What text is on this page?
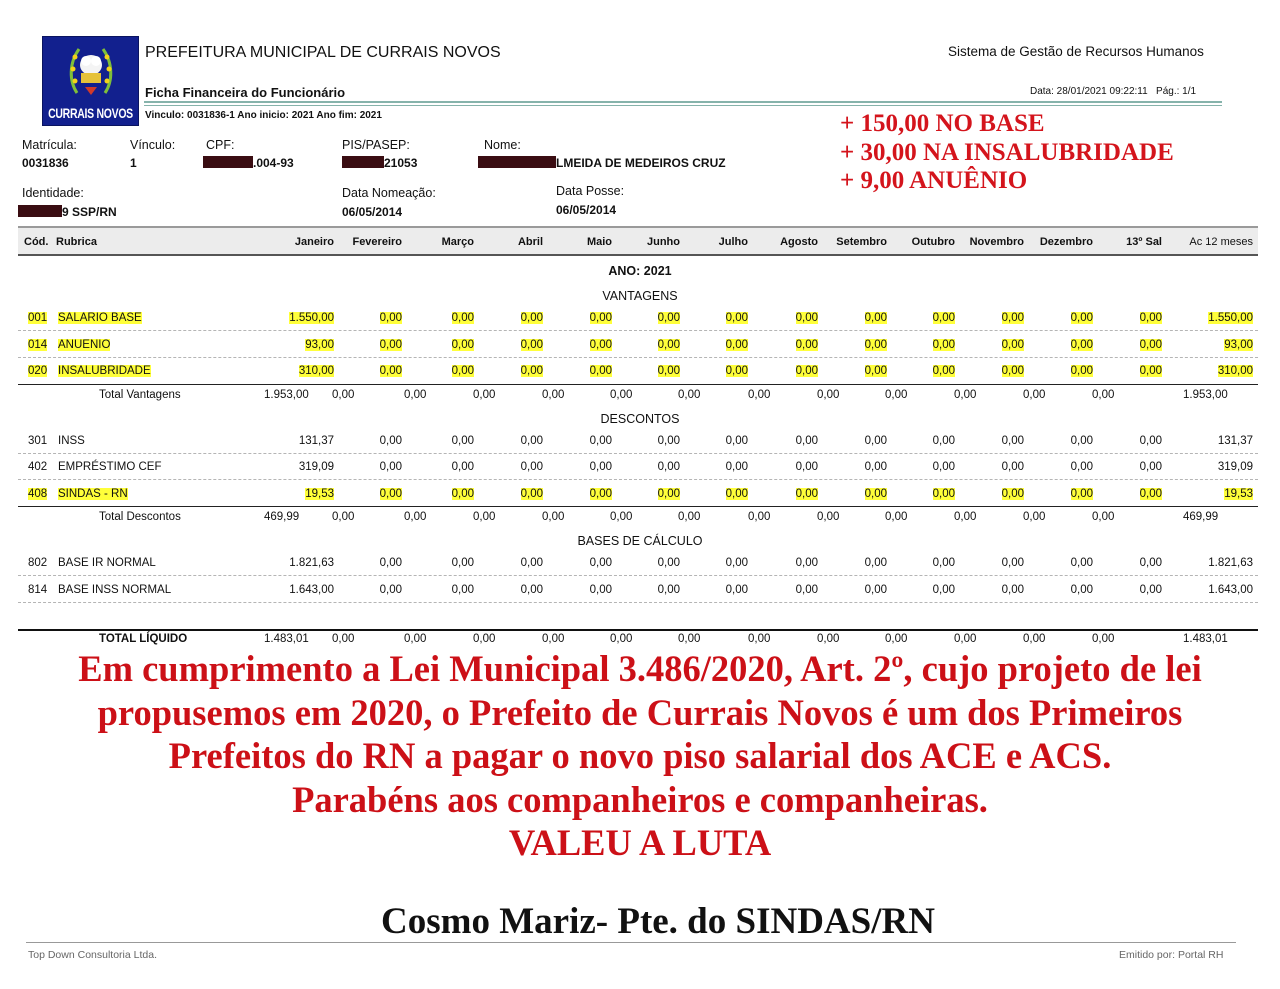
CURRAIS NOVOS
PREFEITURA MUNICIPAL DE CURRAIS NOVOS	Sistema de Gestão de Recursos Humanos
Ficha Financeira do Funcionário	Data: 28/01/2021 09:22:11 Pág.: 1/1
Vinculo: 0031836-1 Ano inicio: 2021 Ano fim: 2021	+ 150,00 NO BASE
+ 30,00 NA INSALUBRIDADE
+ 9,00 ANUÊNIO
Matrícula:
0031836
Vínculo:
1
CPF:
.004-93
PIS/PASEP:
21053
Nome:
LMEIDA DE MEDEIROS CRUZ
Identidade:
9 SSP/RN
Data Nomeação:
06/05/2014
Data Posse:
06/05/2014
Cód. Rubrica	Janeiro	Fevereiro	Março	Abril	Maio	Junho	Julho	Agosto	Setembro	Outubro	Novembro	Dezembro	13º Sal	Ac 12 meses
ANO: 2021
VANTAGENS
001 SALARIO BASE	1.550,00	0,00	0,00	0,00	0,00	0,00	0,00	0,00	0,00	0,00	0,00	0,00	0,00	1.550,00
014 ANUENIO	93,00	0,00	0,00	0,00	0,00	0,00	0,00	0,00	0,00	0,00	0,00	0,00	0,00	93,00
020 INSALUBRIDADE	310,00	0,00	0,00	0,00	0,00	0,00	0,00	0,00	0,00	0,00	0,00	0,00	0,00	310,00
Total Vantagens	1.953,00 0,00	0,00	0,00	0,00	0,00	0,00	0,00	0,00	0,00	0,00	0,00	0,00	1.953,00
DESCONTOS
301 INSS	131,37	0,00	0,00	0,00	0,00	0,00	0,00	0,00	0,00	0,00	0,00	0,00	0,00	131,37
402 EMPRÉSTIMO CEF	319,09	0,00	0,00	0,00	0,00	0,00	0,00	0,00	0,00	0,00	0,00	0,00	0,00	319,09
408 SINDAS - RN	19,53	0,00	0,00	0,00	0,00	0,00	0,00	0,00	0,00	0,00	0,00	0,00	0,00	19,53
Total Descontos	469,99	0,00	0,00	0,00	0,00	0,00	0,00	0,00	0,00	0,00	0,00	0,00	0,00	469,99
BASES DE CÁLCULO
802 BASE IR NORMAL	1.821,63	0,00	0,00	0,00	0,00	0,00	0,00	0,00	0,00	0,00	0,00	0,00	0,00	1.821,63
814 BASE INSS NORMAL	1.643,00	0,00	0,00	0,00	0,00	0,00	0,00	0,00	0,00	0,00	0,00	0,00	0,00	1.643,00
TOTAL LÍQUIDO	1.483,01 0,00	0,00	0,00	0,00	0,00	0,00	0,00	0,00	0,00	0,00	0,00	0,00	1.483,01
Em cumprimento a Lei Municipal 3.486/2020, Art. 2º, cujo projeto de lei
propusemos em 2020, o Prefeito de Currais Novos é um dos Primeiros
Prefeitos do RN a pagar o novo piso salarial dos ACE e ACS.
Parabéns aos companheiros e companheiras.
VALEU A LUTA
Cosmo Mariz- Pte. do SINDAS/RN
Top Down Consultoria Ltda.	Emitido por: Portal RH
